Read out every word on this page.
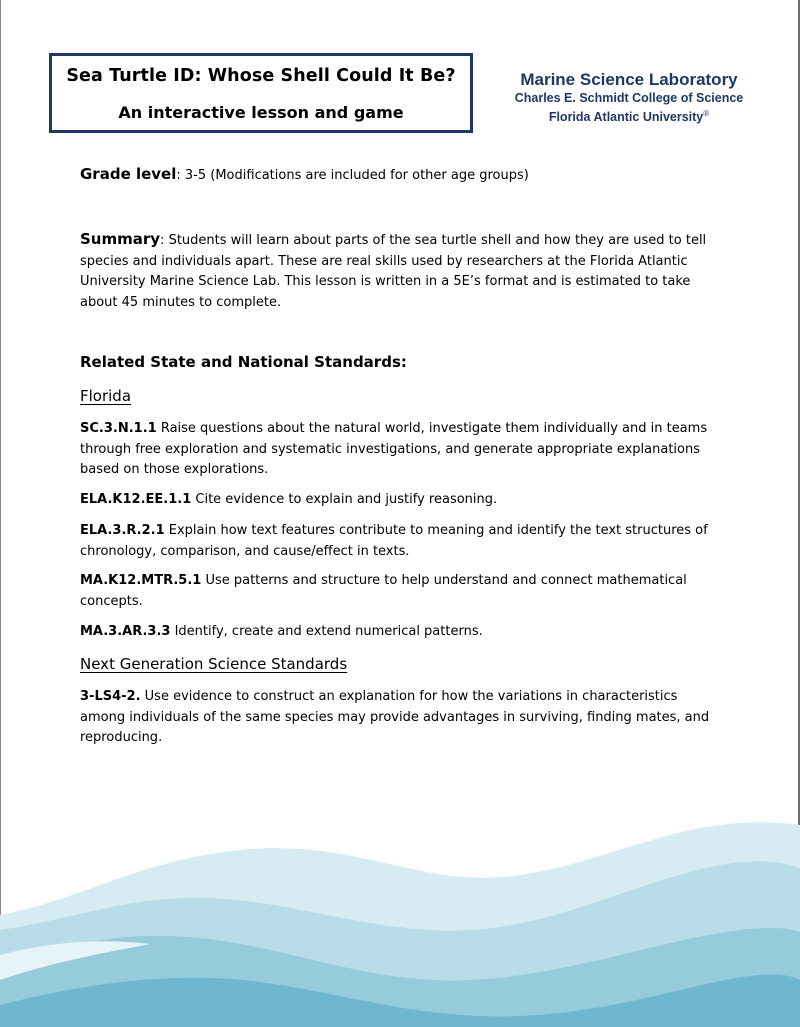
Sea Turtle ID: Whose Shell Could It Be?
An interactive lesson and game
Marine Science Laboratory
Charles E. Schmidt College of Science
Florida Atlantic University®
Grade level: 3-5 (Modifications are included for other age groups)
Summary: Students will learn about parts of the sea turtle shell and how they are used to tell species and individuals apart. These are real skills used by researchers at the Florida Atlantic University Marine Science Lab. This lesson is written in a 5E’s format and is estimated to take about 45 minutes to complete.
Related State and National Standards:
Florida
SC.3.N.1.1 Raise questions about the natural world, investigate them individually and in teams through free exploration and systematic investigations, and generate appropriate explanations based on those explorations.
ELA.K12.EE.1.1 Cite evidence to explain and justify reasoning.
ELA.3.R.2.1 Explain how text features contribute to meaning and identify the text structures of chronology, comparison, and cause/effect in texts.
MA.K12.MTR.5.1 Use patterns and structure to help understand and connect mathematical concepts.
MA.3.AR.3.3 Identify, create and extend numerical patterns.
Next Generation Science Standards
3-LS4-2. Use evidence to construct an explanation for how the variations in characteristics among individuals of the same species may provide advantages in surviving, finding mates, and reproducing.
